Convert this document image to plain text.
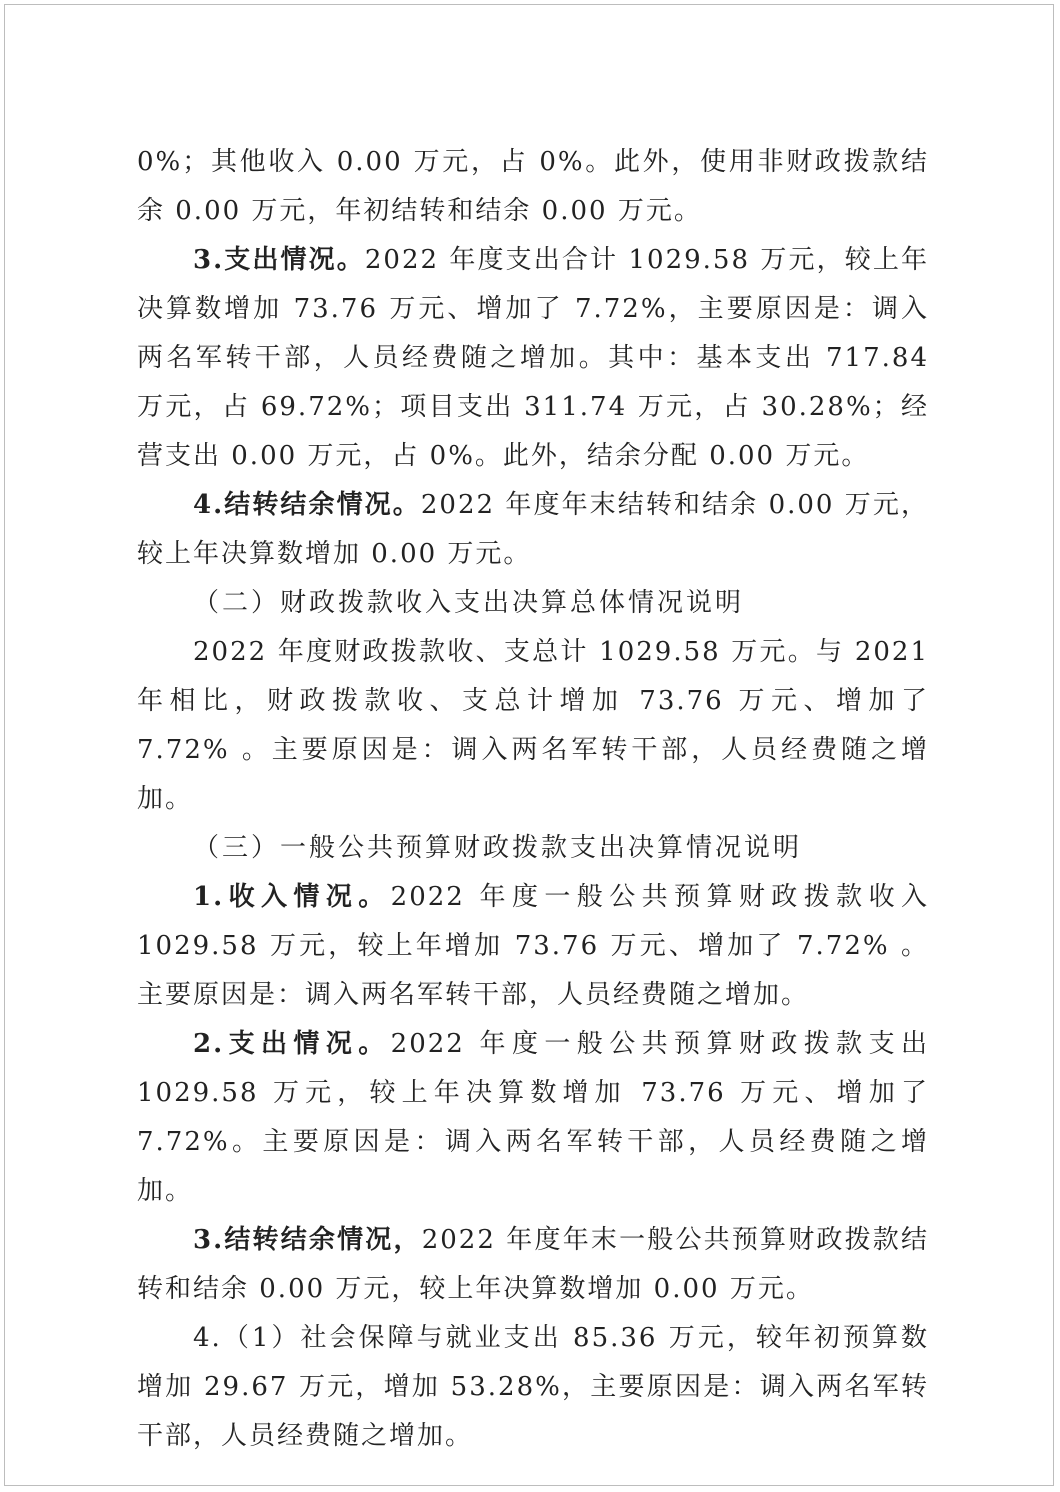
0%；其他收入 0.00 万元，占 0%。此外，使用非财政拨款结余 0.00 万元，年初结转和结余 0.00 万元。

3.支出情况。2022 年度支出合计 1029.58 万元，较上年决算数增加 73.76 万元、增加了 7.72%，主要原因是：调入两名军转干部，人员经费随之增加。其中：基本支出 717.84 万元，占 69.72%；项目支出 311.74 万元，占 30.28%；经营支出 0.00 万元，占 0%。此外，结余分配 0.00 万元。

4.结转结余情况。2022 年度年末结转和结余 0.00 万元，较上年决算数增加 0.00 万元。

（二）财政拨款收入支出决算总体情况说明

2022 年度财政拨款收、支总计 1029.58 万元。与 2021 年相比，财政拨款收、支总计增加 73.76 万元、增加了 7.72% 。主要原因是：调入两名军转干部，人员经费随之增加。

（三）一般公共预算财政拨款支出决算情况说明

1.收入情况。2022 年度一般公共预算财政拨款收入 1029.58 万元，较上年增加 73.76 万元、增加了 7.72% 。主要原因是：调入两名军转干部，人员经费随之增加。

2.支出情况。2022 年度一般公共预算财政拨款支出 1029.58 万元，较上年决算数增加 73.76 万元、增加了 7.72%。主要原因是：调入两名军转干部，人员经费随之增加。

3.结转结余情况，2022 年度年末一般公共预算财政拨款结转和结余 0.00 万元，较上年决算数增加 0.00 万元。

4.（1）社会保障与就业支出 85.36 万元，较年初预算数增加 29.67 万元，增加 53.28%，主要原因是：调入两名军转干部，人员经费随之增加。
